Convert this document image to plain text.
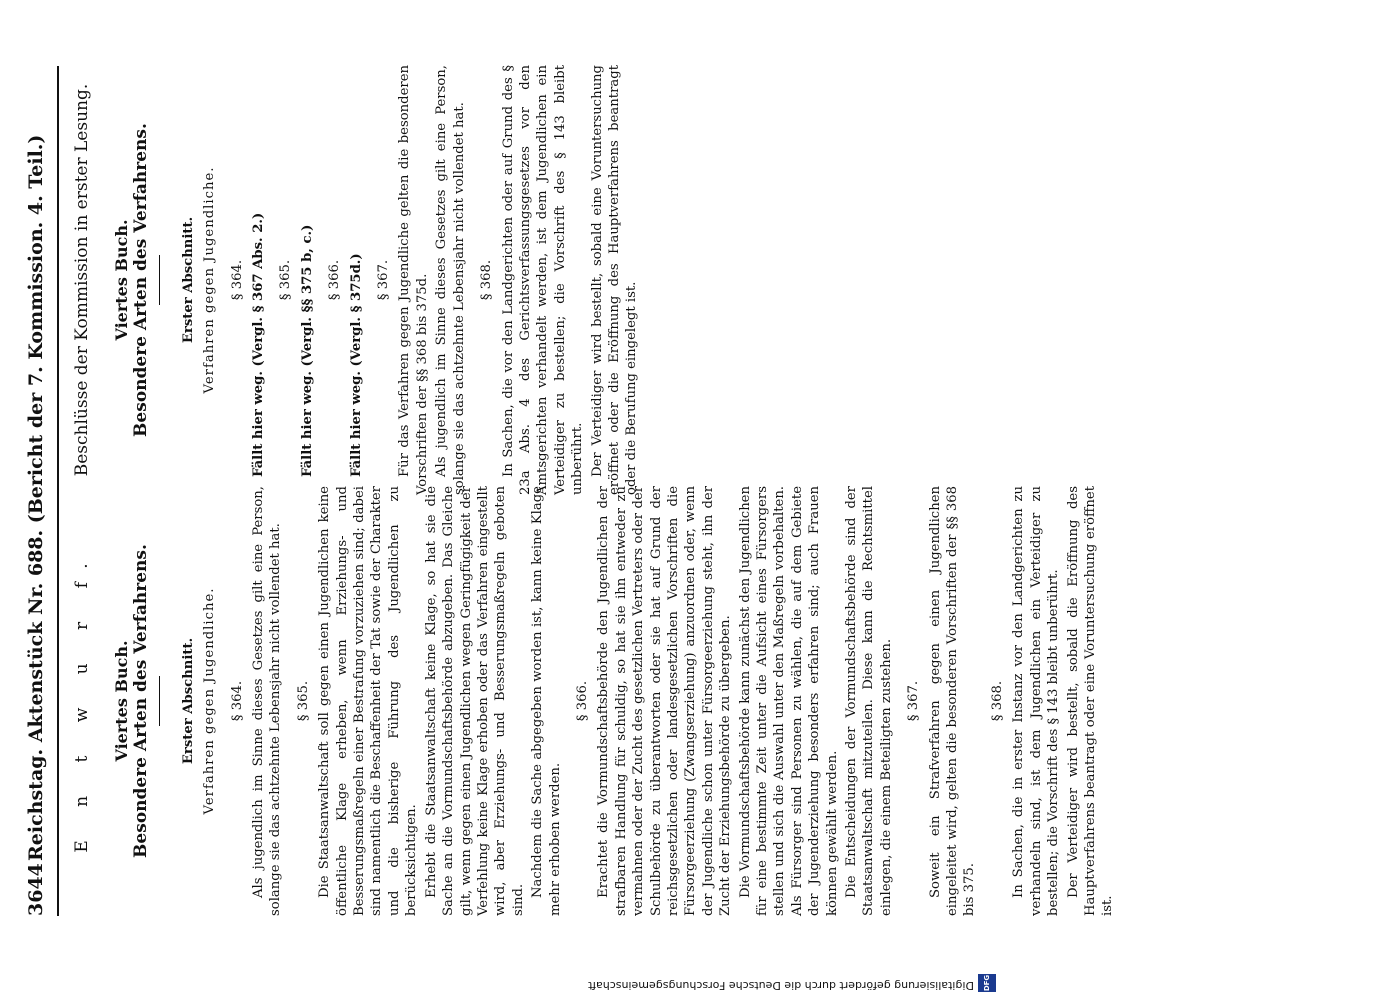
3644
Reichstag. Aktenstück Nr. 688. (Bericht der 7. Kommission. 4. Teil.) E n t w u r f. Viertes Buch. Besondere Arten des Verfahrens. Erster Abschnitt. Verfahren gegen Jugendliche. § 364. Als jugendlich im Sinne dieses Gesetzes gilt eine Person, solange sie das achtzehnte Lebensjahr nicht vollendet hat. § 365. Die Staatsanwaltschaft soll gegen einen Jugendlichen keine öffentliche Klage erheben, wenn Erziehungs- und Besserungsmaßregeln einer Bestrafung vorzuziehen sind; dabei sind namentlich die Beschaffenheit der Tat sowie der Charakter und die bisherige Führung des Jugendlichen zu berücksichtigen. Erhebt die Staatsanwaltschaft keine Klage, so hat sie die Sache an die Vormundschaftsbehörde abzugeben. Das Gleiche gilt, wenn gegen einen Jugendlichen wegen Geringfügigkeit der Verfehlung keine Klage erhoben oder das Verfahren eingestellt wird, aber Erziehungs- und Besserungsmaßregeln geboten sind.

Nachdem die Sache abgegeben worden ist, kann keine Klage mehr erhoben werden.

§ 366. Erachtet die Vormundschaftsbehörde den Jugendlichen der strafbaren Handlung für schuldig, so hat sie ihn entweder zu vermahnen oder der Zucht des gesetzlichen Vertreters oder der Schulbehörde zu überantworten oder sie hat auf Grund der reichsgesetzlichen oder landesgesetzlichen Vorschriften die Fürsorgeerziehung (Zwangserziehung) anzuordnen oder, wenn der Jugendliche schon unter Fürsorgeerziehung steht, ihn der Zucht der Erziehungsbehörde zu übergeben. Die Vormundschaftsbehörde kann zunächst den Jugendlichen für eine bestimmte Zeit unter die Aufsicht eines Fürsorgers stellen und sich die Auswahl unter den Maßregeln vorbehalten. Als Fürsorger sind Personen zu wählen, die auf dem Gebiete der Jugenderziehung besonders erfahren sind; auch Frauen können gewählt werden. Die Entscheidungen der Vormundschaftsbehörde sind der Staatsanwaltschaft mitzuteilen. Diese kann die Rechtsmittel einlegen, die einem Beteiligten zustehen. § 367. Soweit ein Strafverfahren gegen einen Jugendlichen eingeleitet wird, gelten die besonderen Vorschriften der §§ 368 bis 375.

§ 368. In Sachen, die in erster Instanz vor den Landgerichten zu verhandeln sind, ist dem Jugendlichen ein Verteidiger zu bestellen; die Vorschrift des § 143 bleibt unberührt. Der Verteidiger wird bestellt, sobald die Eröffnung des Hauptverfahrens beantragt oder eine Voruntersuchung eröffnet ist.

Beschlüsse der Kommission in erster Lesung. Viertes Buch. Besondere Arten des Verfahrens. Erster Abschnitt. Verfahren gegen Jugendliche. § 364. Fällt hier weg. (Vergl. § 367 Abs. 2.) § 365. Fällt hier weg. (Vergl. §§ 375 b, c.) § 366. Fällt hier weg. (Vergl. § 375d.) § 367. Für das Verfahren gegen Jugendliche gelten die besonderen Vorschriften der §§ 368 bis 375d. Als jugendlich im Sinne dieses Gesetzes gilt eine Person, solange sie das achtzehnte Lebensjahr nicht vollendet hat. § 368. In Sachen, die vor den Landgerichten oder auf Grund des § 23a Abs. 4 des Gerichtsverfassungsgesetzes vor den Amtsgerichten verhandelt werden, ist dem Jugendlichen ein Verteidiger zu bestellen; die Vorschrift des § 143 bleibt unberührt. Der Verteidiger wird bestellt, sobald eine Voruntersuchung eröffnet oder die Eröffnung des Hauptverfahrens beantragt oder die Berufung eingelegt ist.

Digitalisierung gefördert durch die Deutsche Forschungsgemeinschaft	DFG
